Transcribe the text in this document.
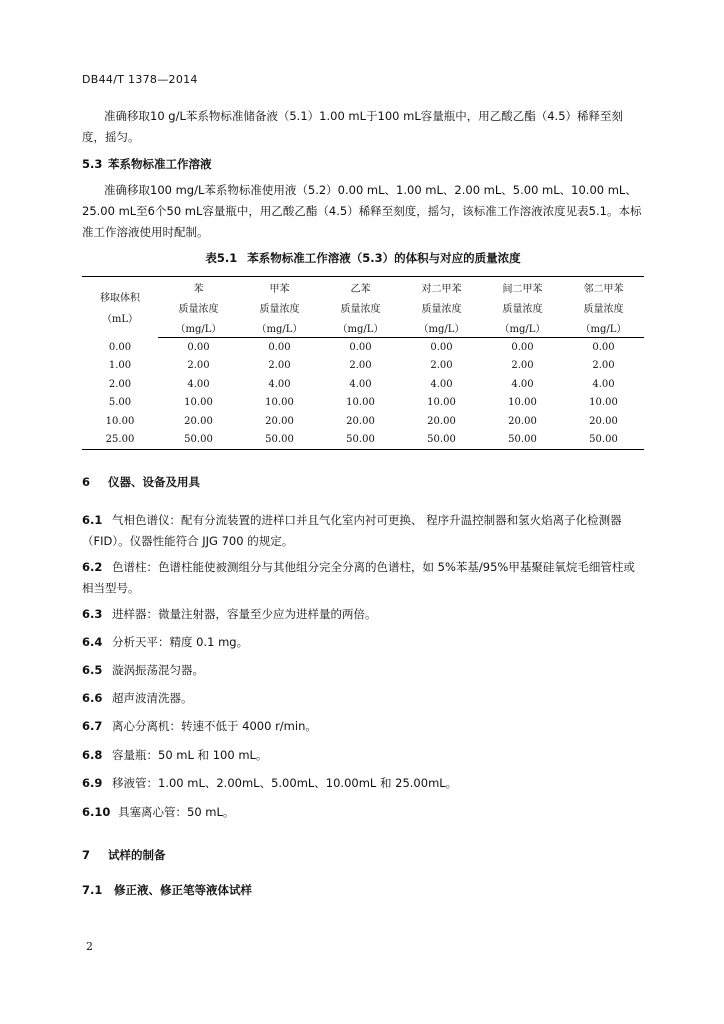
DB44/T 1378—2014
准确移取10 g/L苯系物标准储备液（5.1）1.00 mL于100 mL容量瓶中，用乙酸乙酯（4.5）稀释至刻度，摇匀。
5.3 苯系物标准工作溶液
准确移取100 mg/L苯系物标准使用液（5.2）0.00 mL、1.00 mL、2.00 mL、5.00 mL、10.00 mL、25.00 mL至6个50 mL容量瓶中，用乙酸乙酯（4.5）稀释至刻度，摇匀，该标准工作溶液浓度见表5.1。本标准工作溶液使用时配制。
表5.1 苯系物标准工作溶液（5.3）的体积与对应的质量浓度
移取体积
（mL）	苯	甲苯	乙苯	对二甲苯	间二甲苯	邻二甲苯
	质量浓度	质量浓度	质量浓度	质量浓度	质量浓度	质量浓度
	（mg/L）	（mg/L）	（mg/L）	（mg/L）	（mg/L）	（mg/L）
0.00	0.00	0.00	0.00	0.00	0.00	0.00
1.00	2.00	2.00	2.00	2.00	2.00	2.00
2.00	4.00	4.00	4.00	4.00	4.00	4.00
5.00	10.00	10.00	10.00	10.00	10.00	10.00
10.00	20.00	20.00	20.00	20.00	20.00	20.00
25.00	50.00	50.00	50.00	50.00	50.00	50.00
6 仪器、设备及用具
6.1 气相色谱仪：配有分流装置的进样口并且气化室内衬可更换、 程序升温控制器和氢火焰离子化检测器（FID）。仪器性能符合 JJG 700 的规定。
6.2 色谱柱：色谱柱能使被测组分与其他组分完全分离的色谱柱，如 5%苯基/95%甲基聚硅氧烷毛细管柱或相当型号。
6.3 进样器：微量注射器，容量至少应为进样量的两倍。
6.4 分析天平：精度 0.1 mg。
6.5 漩涡振荡混匀器。
6.6 超声波清洗器。
6.7 离心分离机：转速不低于 4000 r/min。
6.8 容量瓶：50 mL 和 100 mL。
6.9 移液管：1.00 mL、2.00mL、5.00mL、10.00mL 和 25.00mL。
6.10 具塞离心管：50 mL。
7 试样的制备
7.1 修正液、修正笔等液体试样
2
